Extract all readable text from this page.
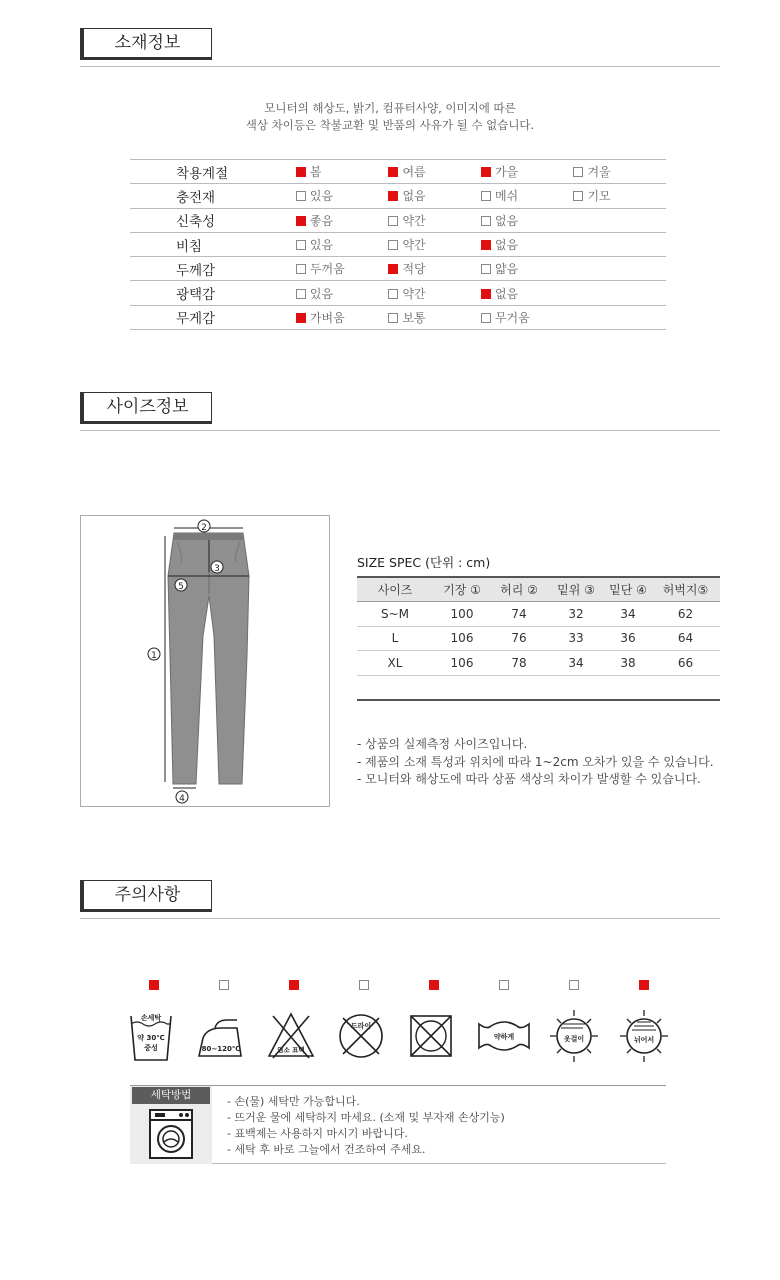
소재정보
모니터의 해상도, 밝기, 컴퓨터사양, 이미지에 따른
색상 차이등은 착불교환 및 반품의 사유가 될 수 없습니다.
착용계절	봄	여름	가을	겨울
충전재	있음	없음	메쉬	기모
신축성	좋음	약간	없음	
비침	있음	약간	없음	
두께감	두꺼움	적당	얇음	
광택감	있음	약간	없음	
무게감	가벼움	보통	무거움	
사이즈정보
2
3
5
1
4
SIZE SPEC (단위 : cm)
사이즈	기장 ①	허리 ②	밑위 ③	밑단 ④	허벅지⑤
S~M	100	74	32	34	62
L	106	76	33	36	64
XL	106	78	34	38	66

- 상품의 실제측정 사이즈입니다.
- 제품의 소재 특성과 위치에 따라 1~2cm 오차가 있을 수 있습니다.
- 모니터와 해상도에 따라 상품 색상의 차이가 발생할 수 있습니다.
주의사항
손세탁
약 30℃
중성	80~120℃	염소 표백
드라이
약하게	옷걸이	뉘어서
세탁방법	- 손(물) 세탁만 가능합니다.
- 뜨거운 물에 세탁하지 마세요. (소재 및 부자재 손상기능)
- 표백제는 사용하지 마시기 바랍니다.
- 세탁 후 바로 그늘에서 건조하여 주세요.
